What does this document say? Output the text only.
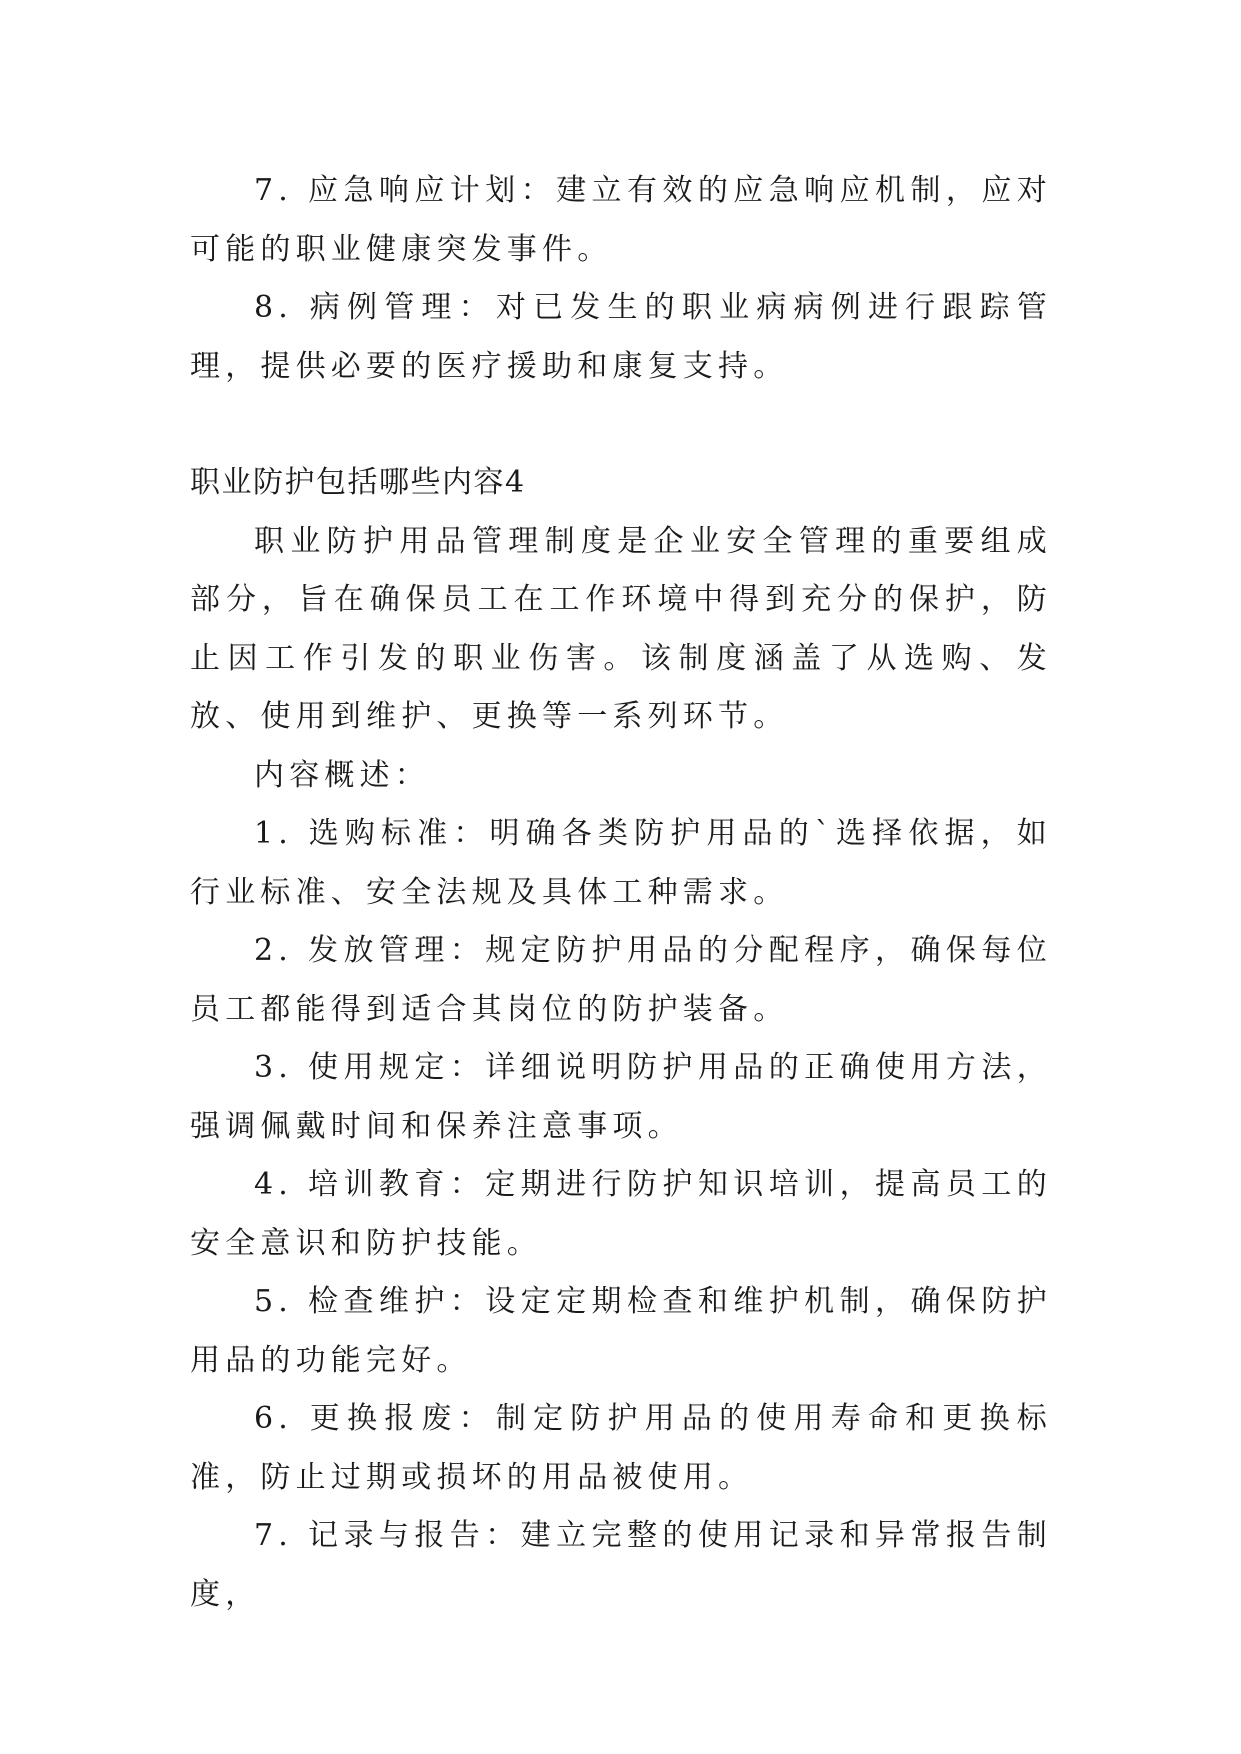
7. 应急响应计划：建立有效的应急响应机制，应对可能的职业健康突发事件。

8. 病例管理：对已发生的职业病病例进行跟踪管理，提供必要的医疗援助和康复支持。

职业防护包括哪些内容4

职业防护用品管理制度是企业安全管理的重要组成部分，旨在确保员工在工作环境中得到充分的保护，防止因工作引发的职业伤害。该制度涵盖了从选购、发放、使用到维护、更换等一系列环节。

内容概述：

1. 选购标准：明确各类防护用品的`选择依据，如行业标准、安全法规及具体工种需求。

2. 发放管理：规定防护用品的分配程序，确保每位员工都能得到适合其岗位的防护装备。

3. 使用规定：详细说明防护用品的正确使用方法，强调佩戴时间和保养注意事项。

4. 培训教育：定期进行防护知识培训，提高员工的安全意识和防护技能。

5. 检查维护：设定定期检查和维护机制，确保防护用品的功能完好。

6. 更换报废：制定防护用品的使用寿命和更换标准，防止过期或损坏的用品被使用。

7. 记录与报告：建立完整的使用记录和异常报告制度，
